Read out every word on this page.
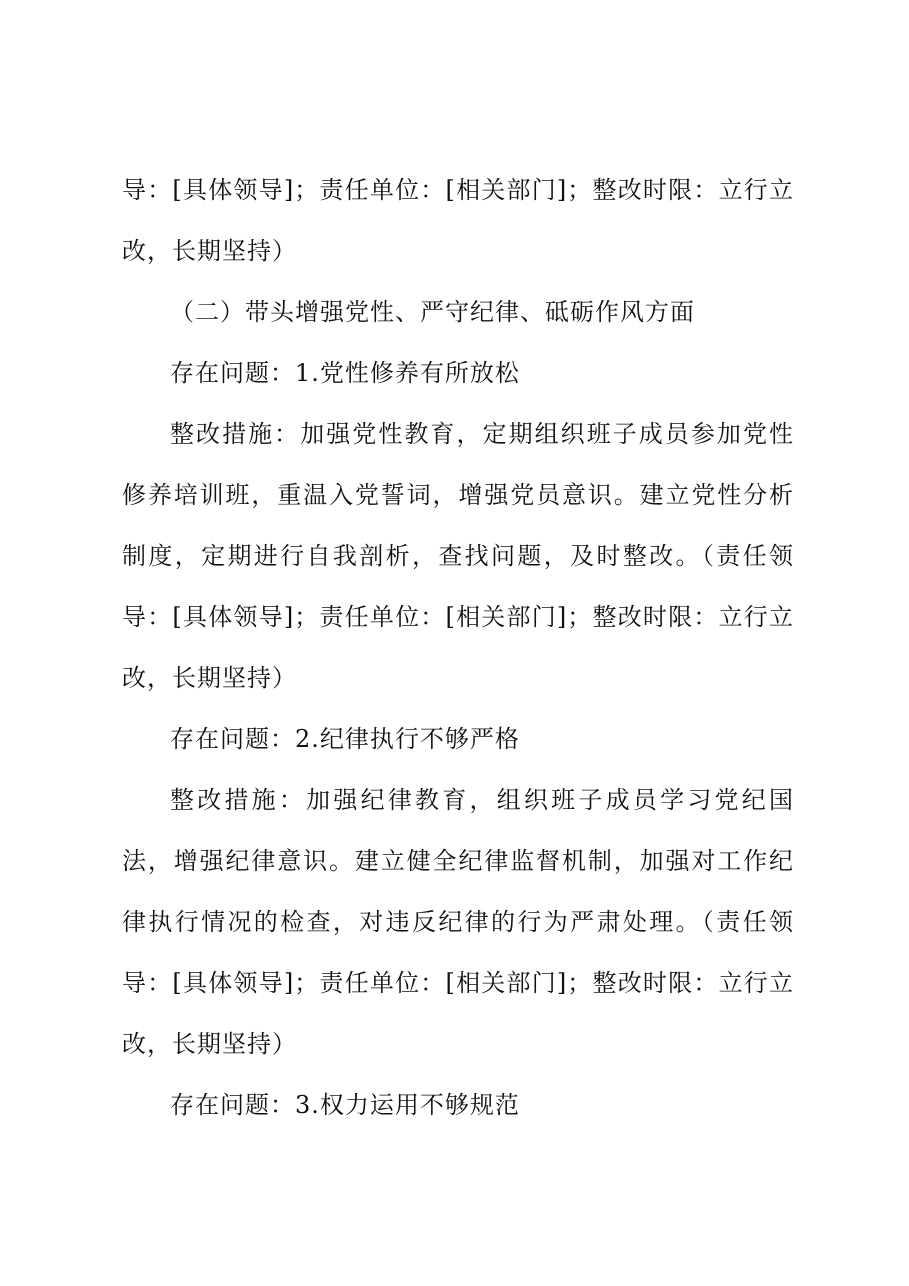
导：[具体领导]；责任单位：[相关部门]；整改时限：立行立改，长期坚持）

（二）带头增强党性、严守纪律、砥砺作风方面

存在问题：1.党性修养有所放松

整改措施：加强党性教育，定期组织班子成员参加党性修养培训班，重温入党誓词，增强党员意识。建立党性分析制度，定期进行自我剖析，查找问题，及时整改。（责任领导：[具体领导]；责任单位：[相关部门]；整改时限：立行立改，长期坚持）

存在问题：2.纪律执行不够严格

整改措施：加强纪律教育，组织班子成员学习党纪国法，增强纪律意识。建立健全纪律监督机制，加强对工作纪律执行情况的检查，对违反纪律的行为严肃处理。（责任领导：[具体领导]；责任单位：[相关部门]；整改时限：立行立改，长期坚持）

存在问题：3.权力运用不够规范
